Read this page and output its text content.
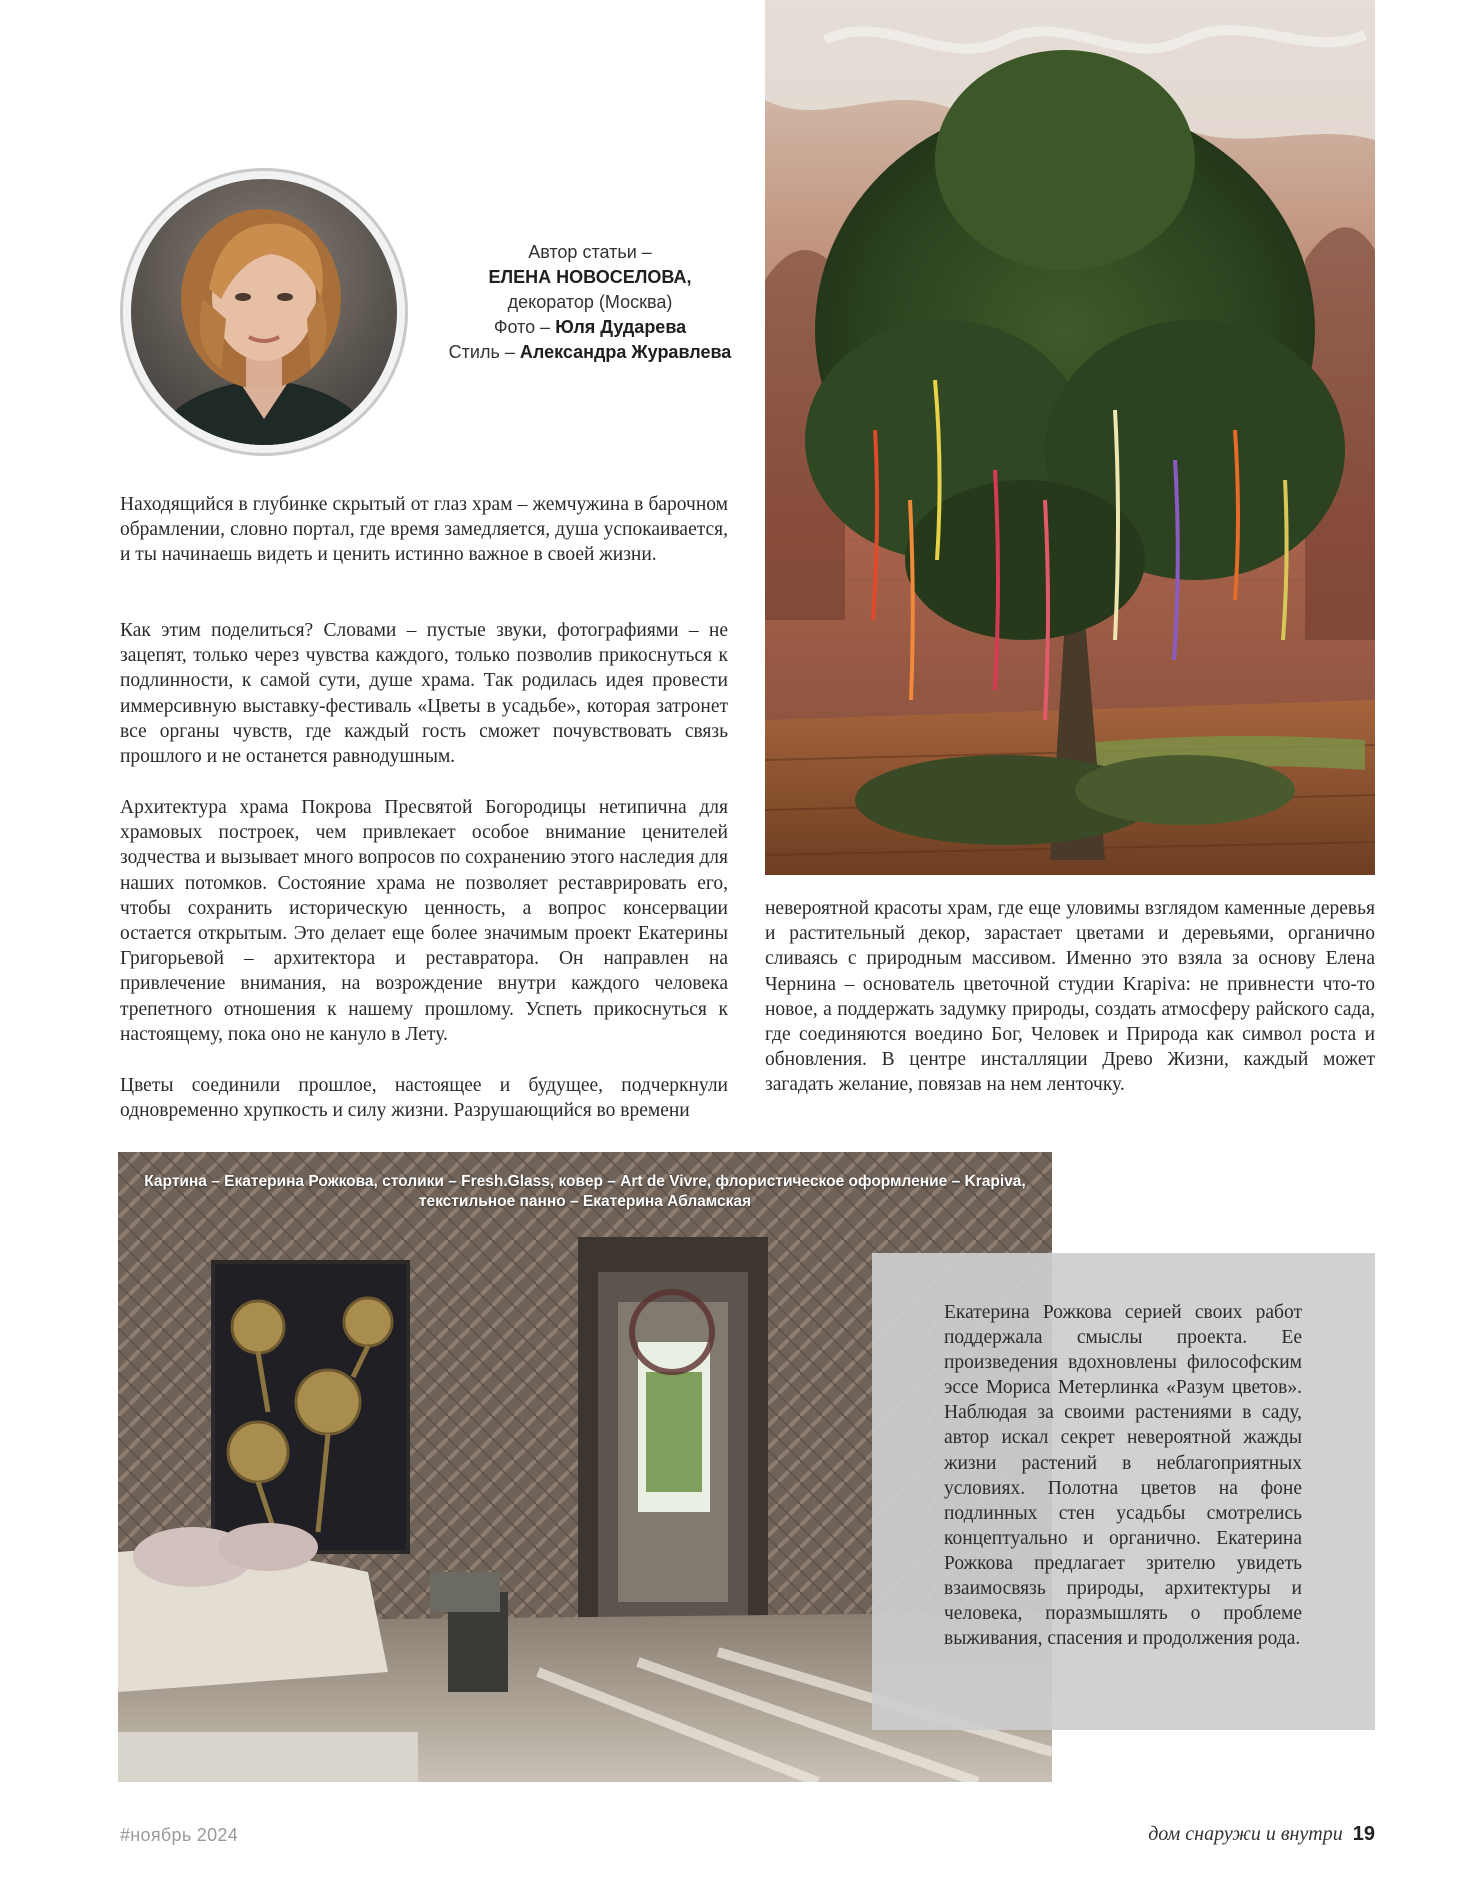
Автор статьи –
ЕЛЕНА НОВОСЕЛОВА,
декоратор (Москва)
Фото – Юля Дударева
Стиль – Александра Журавлева

Находящийся в глубинке скрытый от глаз храм – жемчужина в барочном обрамлении, словно портал, где время замедляется, душа успокаивается, и ты начинаешь видеть и ценить истинно важное в своей жизни.

Как этим поделиться? Словами – пустые звуки, фотографиями – не зацепят, только через чувства каждого, только позволив прикоснуться к подлинности, к самой сути, душе храма. Так родилась идея провести иммерсивную выставку-фестиваль «Цветы в усадьбе», которая затронет все органы чувств, где каждый гость сможет почувствовать связь прошлого и не останется равнодушным.

Архитектура храма Покрова Пресвятой Богородицы нетипична для храмовых построек, чем привлекает особое внимание ценителей зодчества и вызывает много вопросов по сохранению этого наследия для наших потомков. Состояние храма не позволяет реставрировать его, чтобы сохранить историческую ценность, а вопрос консервации остается открытым. Это делает еще более значимым проект Екатерины Григорьевой – архитектора и реставратора. Он направлен на привлечение внимания, на возрождение внутри каждого человека трепетного отношения к нашему прошлому. Успеть прикоснуться к настоящему, пока оно не кануло в Лету.

Цветы соединили прошлое, настоящее и будущее, подчеркнули одновременно хрупкость и силу жизни. Разрушающийся во времени

невероятной красоты храм, где еще уловимы взглядом каменные деревья и растительный декор, зарастает цветами и деревьями, органично сливаясь с природным массивом. Именно это взяла за основу Елена Чернина – основатель цветочной студии Krapiva: не привнести что-то новое, а поддержать задумку природы, создать атмосферу райского сада, где соединяются воедино Бог, Человек и Природа как символ роста и обновления. В центре инсталляции Древо Жизни, каждый может загадать желание, повязав на нем ленточку.

Картина – Екатерина Рожкова, столики – Fresh.Glass, ковер – Art de Vivre, флористическое оформление – Krapiva, текстильное панно – Екатерина Абламская

Екатерина Рожкова серией своих работ поддержала смыслы проекта. Ее произведения вдохновлены философским эссе Мориса Метерлинка «Разум цветов». Наблюдая за своими растениями в саду, автор искал секрет невероятной жажды жизни растений в неблагоприятных условиях. Полотна цветов на фоне подлинных стен усадьбы смотрелись концептуально и органично. Екатерина Рожкова предлагает зрителю увидеть взаимосвязь природы, архитектуры и человека, поразмышлять о проблеме выживания, спасения и продолжения рода.

#ноябрь 2024	дом снаружи и внутри 19
